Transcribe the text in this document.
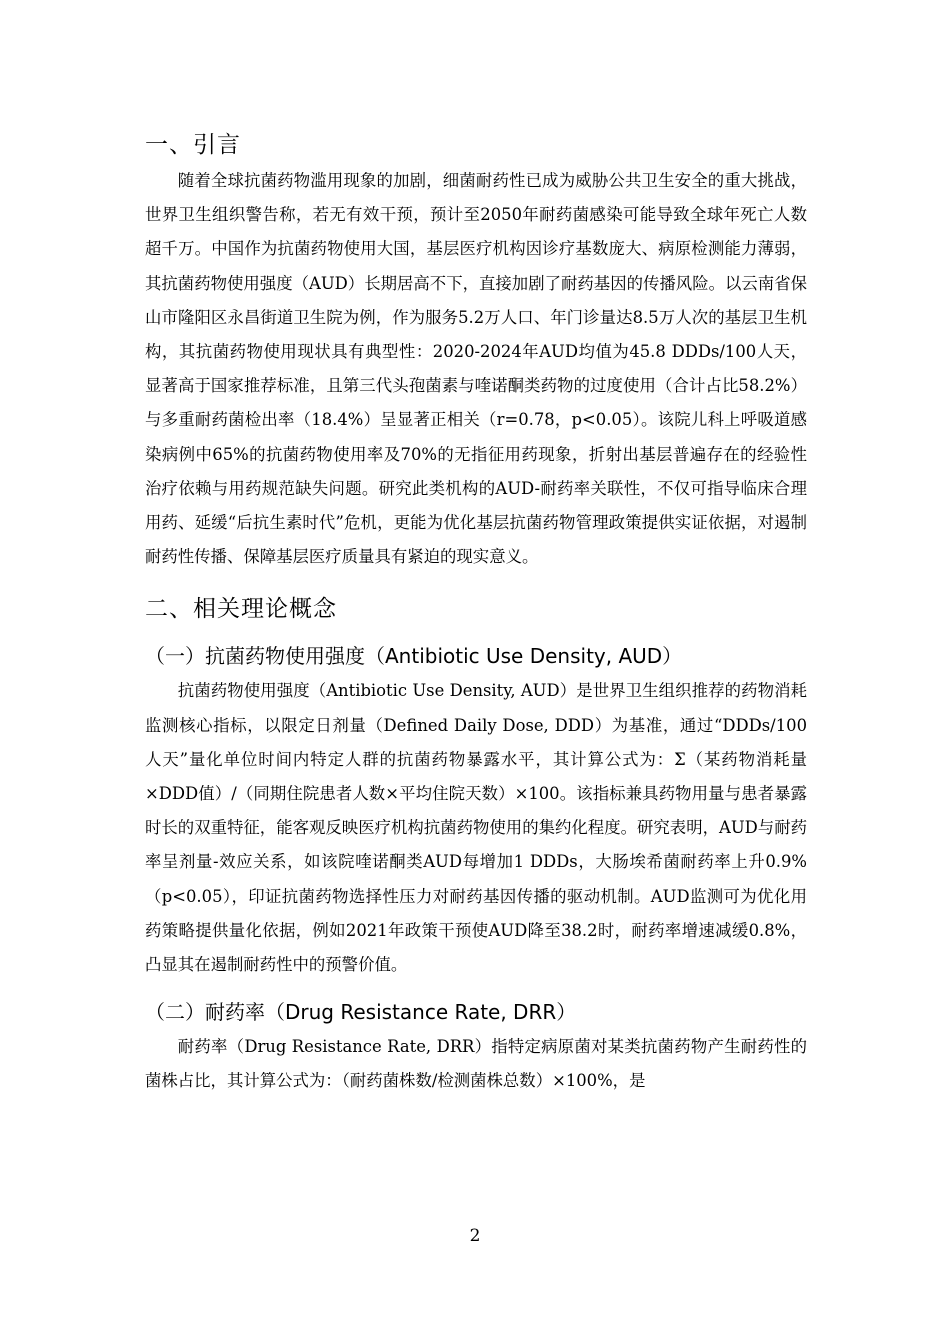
一、引言

随着全球抗菌药物滥用现象的加剧，细菌耐药性已成为威胁公共卫生安全的重大挑战，世界卫生组织警告称，若无有效干预，预计至2050年耐药菌感染可能导致全球年死亡人数超千万。中国作为抗菌药物使用大国，基层医疗机构因诊疗基数庞大、病原检测能力薄弱，其抗菌药物使用强度（AUD）长期居高不下，直接加剧了耐药基因的传播风险。以云南省保山市隆阳区永昌街道卫生院为例，作为服务5.2万人口、年门诊量达8.5万人次的基层卫生机构，其抗菌药物使用现状具有典型性：2020-2024年AUD均值为45.8 DDDs/100人天，显著高于国家推荐标准，且第三代头孢菌素与喹诺酮类药物的过度使用（合计占比58.2%）与多重耐药菌检出率（18.4%）呈显著正相关（r=0.78，p<0.05）。该院儿科上呼吸道感染病例中65%的抗菌药物使用率及70%的无指征用药现象，折射出基层普遍存在的经验性治疗依赖与用药规范缺失问题。研究此类机构的AUD-耐药率关联性，不仅可指导临床合理用药、延缓“后抗生素时代”危机，更能为优化基层抗菌药物管理政策提供实证依据，对遏制耐药性传播、保障基层医疗质量具有紧迫的现实意义。

二、相关理论概念
（一）抗菌药物使用强度（Antibiotic Use Density, AUD）

抗菌药物使用强度（Antibiotic Use Density, AUD）是世界卫生组织推荐的药物消耗监测核心指标，以限定日剂量（Defined Daily Dose, DDD）为基准，通过“DDDs/100人天”量化单位时间内特定人群的抗菌药物暴露水平，其计算公式为：Σ（某药物消耗量×DDD值）/（同期住院患者人数×平均住院天数）×100。该指标兼具药物用量与患者暴露时长的双重特征，能客观反映医疗机构抗菌药物使用的集约化程度。研究表明，AUD与耐药率呈剂量-效应关系，如该院喹诺酮类AUD每增加1 DDDs，大肠埃希菌耐药率上升0.9%（p<0.05），印证抗菌药物选择性压力对耐药基因传播的驱动机制。AUD监测可为优化用药策略提供量化依据，例如2021年政策干预使AUD降至38.2时，耐药率增速减缓0.8%，凸显其在遏制耐药性中的预警价值。

（二）耐药率（Drug Resistance Rate, DRR）

耐药率（Drug Resistance Rate, DRR）指特定病原菌对某类抗菌药物产生耐药性的菌株占比，其计算公式为：（耐药菌株数/检测菌株总数）×100%，是

2
